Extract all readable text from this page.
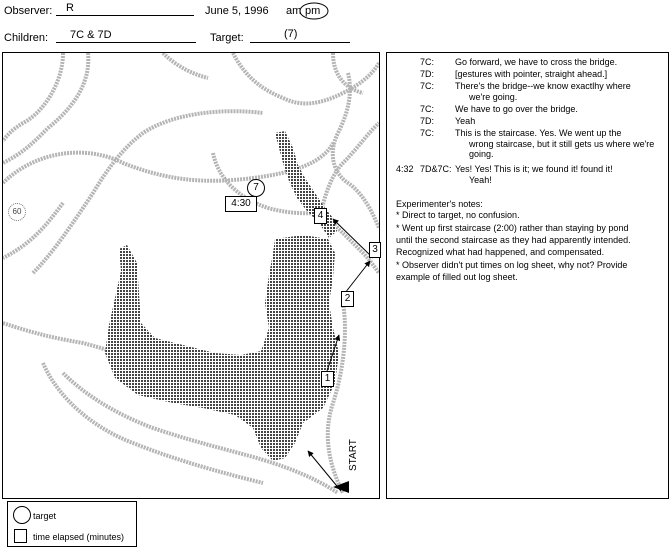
Observer: R	June 5, 1996 am pm
Children: 7C & 7D	Target:	(7)
1
2
3
4
7
4:30
60
START
target
time elapsed (minutes)
7C: Go forward, we have to cross the bridge.
7D: [gestures with pointer, straight ahead.]
7C: There's the bridge--we know exactlhy where
we're going.
7C: We have to go over the bridge.
7D: Yeah
7C: This is the staircase. Yes. We went up the
wrong staircase, but it still gets us where we're going.
4:32 7D&7C: Yes! Yes! This is it; we found it! found it!
Yeah!
Experimenter's notes:
* Direct to target, no confusion.
* Went up first staircase (2:00) rather than staying by pond
until the second staircase as they had apparently intended.
Recognized what had happened, and compensated.
* Observer didn't put times on log sheet, why not? Provide
example of filled out log sheet.
